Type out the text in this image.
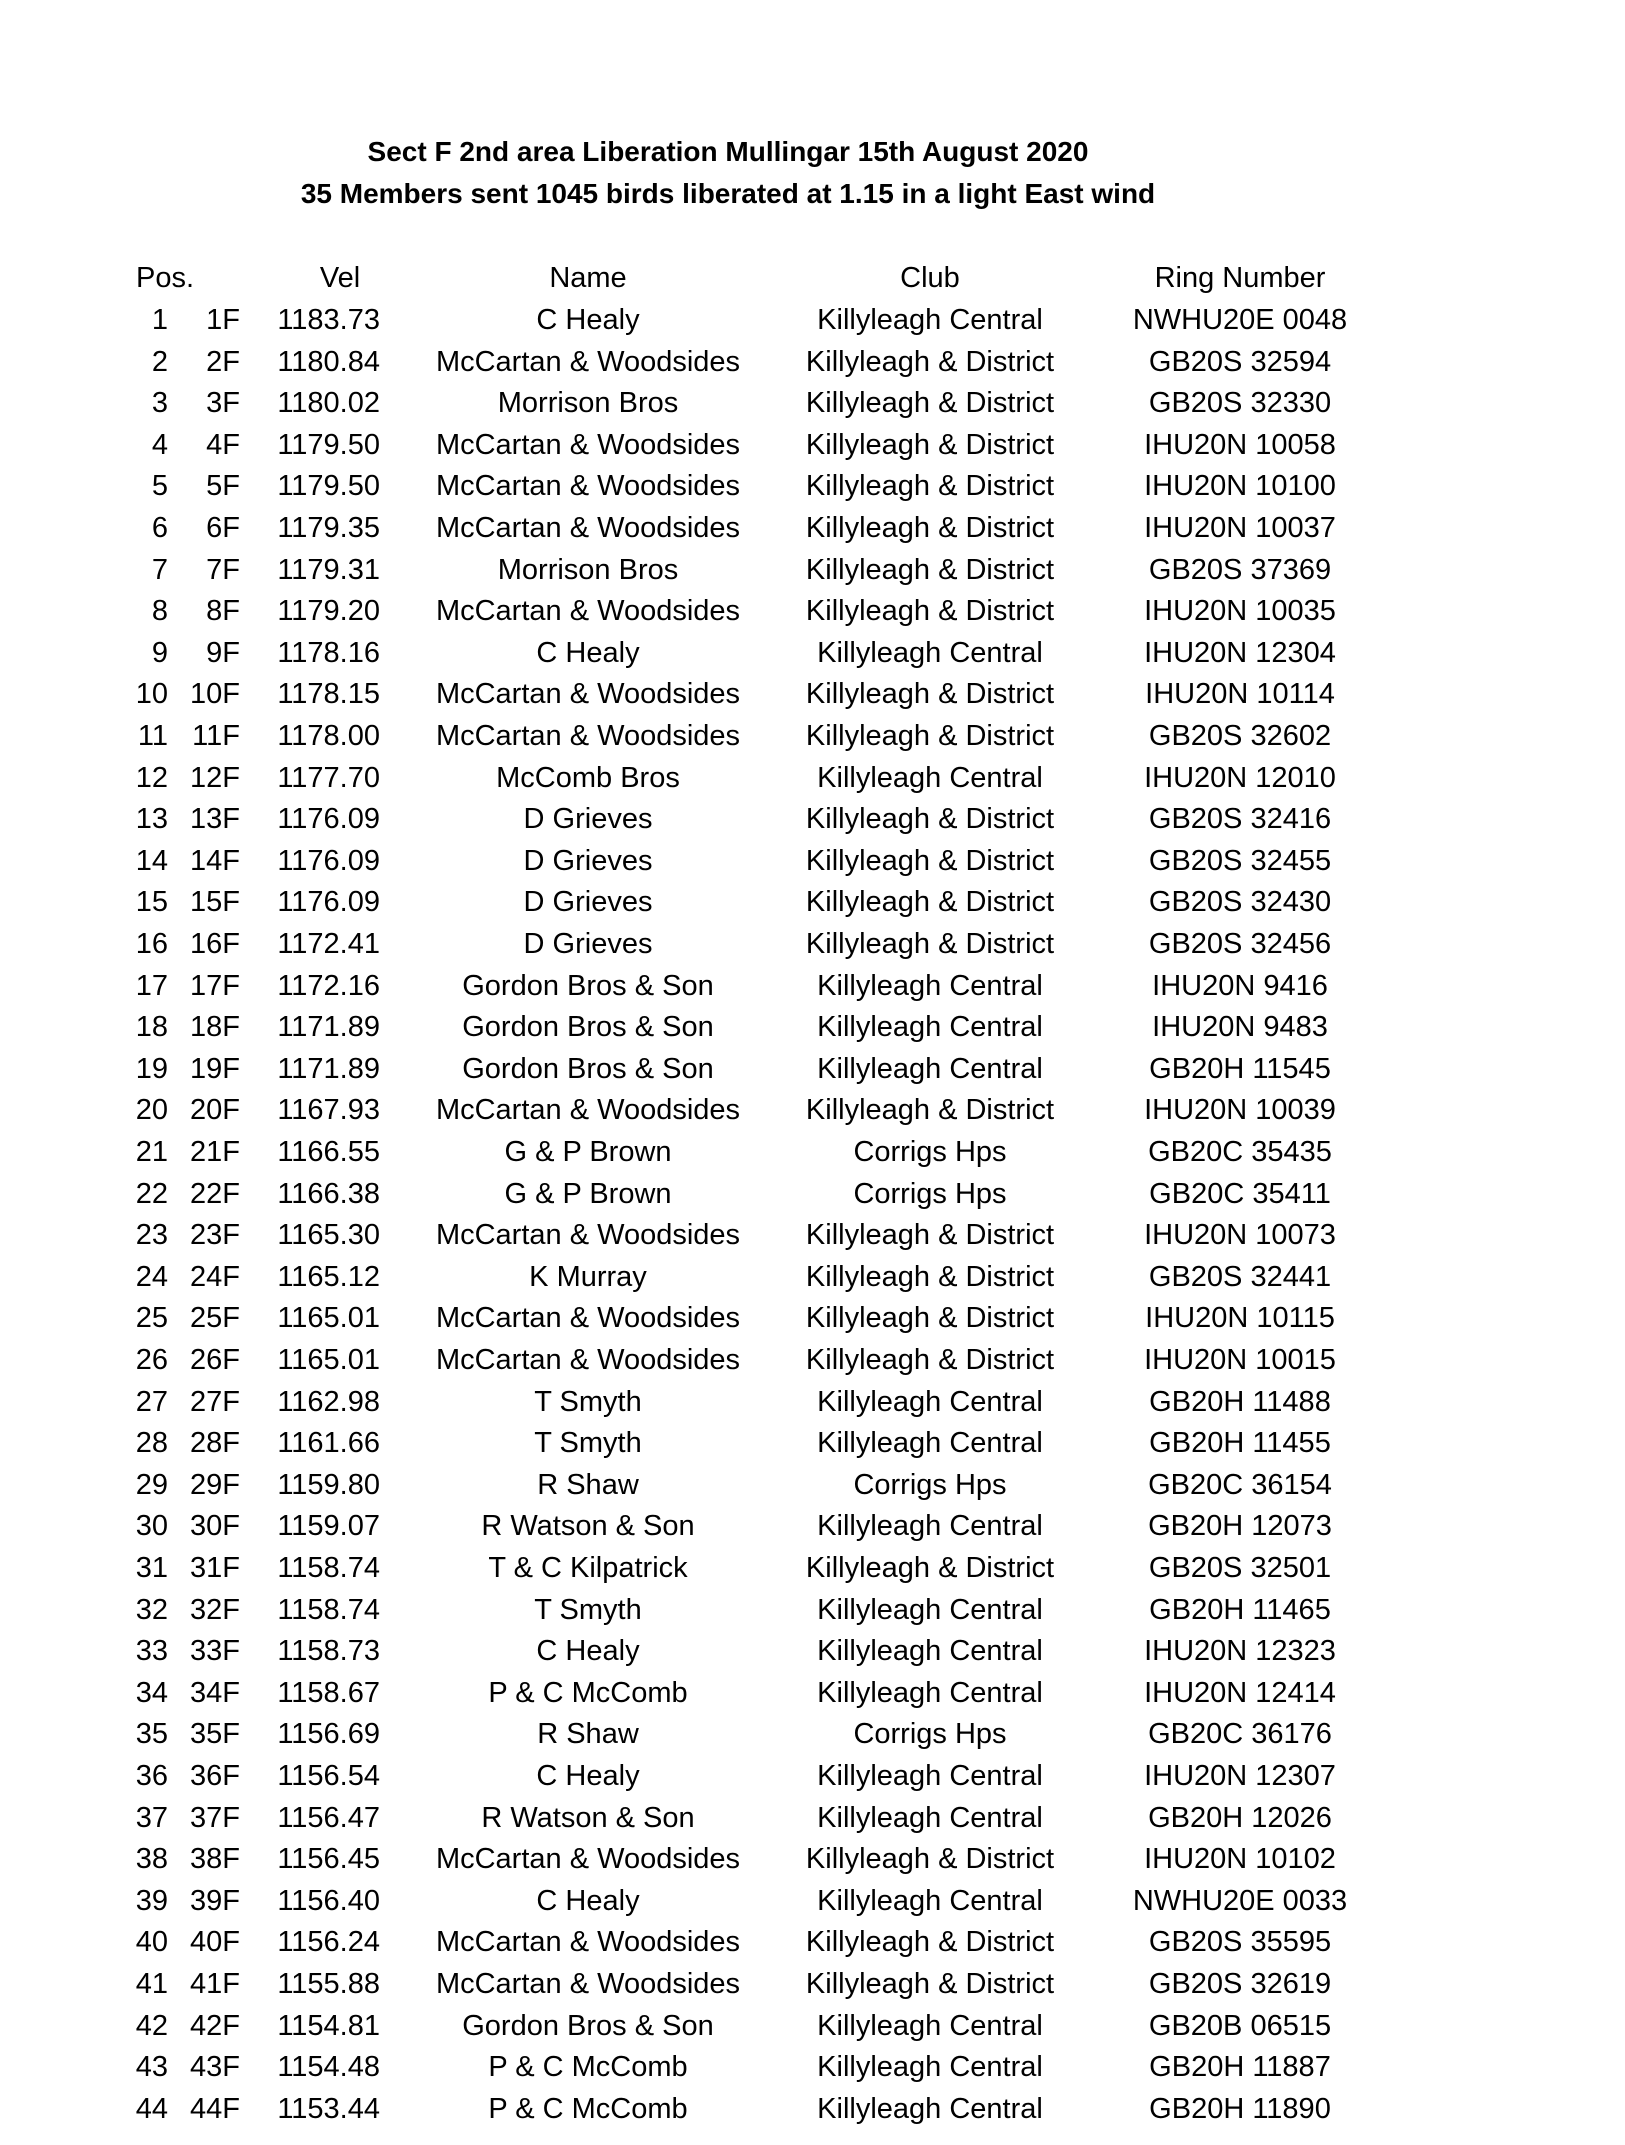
Sect F 2nd area Liberation Mullingar 15th August 2020
35 Members sent 1045 birds liberated at 1.15 in a light East wind
Pos.	Vel	Name	Club	Ring Number
1	1F	1183.73	C Healy	Killyleagh Central	NWHU20E 0048
2	2F	1180.84	McCartan & Woodsides	Killyleagh & District	GB20S 32594
3	3F	1180.02	Morrison Bros	Killyleagh & District	GB20S 32330
4	4F	1179.50	McCartan & Woodsides	Killyleagh & District	IHU20N 10058
5	5F	1179.50	McCartan & Woodsides	Killyleagh & District	IHU20N 10100
6	6F	1179.35	McCartan & Woodsides	Killyleagh & District	IHU20N 10037
7	7F	1179.31	Morrison Bros	Killyleagh & District	GB20S 37369
8	8F	1179.20	McCartan & Woodsides	Killyleagh & District	IHU20N 10035
9	9F	1178.16	C Healy	Killyleagh Central	IHU20N 12304
10 10F	1178.15	McCartan & Woodsides	Killyleagh & District	IHU20N 10114
11 11F	1178.00	McCartan & Woodsides	Killyleagh & District	GB20S 32602
12 12F	1177.70	McComb Bros	Killyleagh Central	IHU20N 12010
13 13F	1176.09	D Grieves	Killyleagh & District	GB20S 32416
14 14F	1176.09	D Grieves	Killyleagh & District	GB20S 32455
15 15F	1176.09	D Grieves	Killyleagh & District	GB20S 32430
16 16F	1172.41	D Grieves	Killyleagh & District	GB20S 32456
17 17F	1172.16	Gordon Bros & Son	Killyleagh Central	IHU20N 9416
18 18F	1171.89	Gordon Bros & Son	Killyleagh Central	IHU20N 9483
19 19F	1171.89	Gordon Bros & Son	Killyleagh Central	GB20H 11545
20 20F	1167.93	McCartan & Woodsides	Killyleagh & District	IHU20N 10039
21 21F	1166.55	G & P Brown	Corrigs Hps	GB20C 35435
22 22F	1166.38	G & P Brown	Corrigs Hps	GB20C 35411
23 23F	1165.30	McCartan & Woodsides	Killyleagh & District	IHU20N 10073
24 24F	1165.12	K Murray	Killyleagh & District	GB20S 32441
25 25F	1165.01	McCartan & Woodsides	Killyleagh & District	IHU20N 10115
26 26F	1165.01	McCartan & Woodsides	Killyleagh & District	IHU20N 10015
27 27F	1162.98	T Smyth	Killyleagh Central	GB20H 11488
28 28F	1161.66	T Smyth	Killyleagh Central	GB20H 11455
29 29F	1159.80	R Shaw	Corrigs Hps	GB20C 36154
30 30F	1159.07	R Watson & Son	Killyleagh Central	GB20H 12073
31 31F	1158.74	T & C Kilpatrick	Killyleagh & District	GB20S 32501
32 32F	1158.74	T Smyth	Killyleagh Central	GB20H 11465
33 33F	1158.73	C Healy	Killyleagh Central	IHU20N 12323
34 34F	1158.67	P & C McComb	Killyleagh Central	IHU20N 12414
35 35F	1156.69	R Shaw	Corrigs Hps	GB20C 36176
36 36F	1156.54	C Healy	Killyleagh Central	IHU20N 12307
37 37F	1156.47	R Watson & Son	Killyleagh Central	GB20H 12026
38 38F	1156.45	McCartan & Woodsides	Killyleagh & District	IHU20N 10102
39 39F	1156.40	C Healy	Killyleagh Central	NWHU20E 0033
40 40F	1156.24	McCartan & Woodsides	Killyleagh & District	GB20S 35595
41 41F	1155.88	McCartan & Woodsides	Killyleagh & District	GB20S 32619
42 42F	1154.81	Gordon Bros & Son	Killyleagh Central	GB20B 06515
43 43F	1154.48	P & C McComb	Killyleagh Central	GB20H 11887
44 44F	1153.44	P & C McComb	Killyleagh Central	GB20H 11890
